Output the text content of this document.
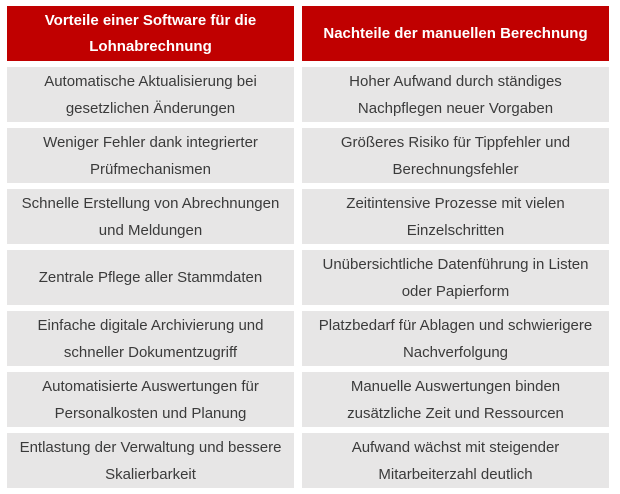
Vorteile einer Software für die Lohnabrechnung
Nachteile der manuellen Berechnung
Automatische Aktualisierung bei gesetzlichen Änderungen
Hoher Aufwand durch ständiges Nachpflegen neuer Vorgaben
Weniger Fehler dank integrierter Prüfmechanismen
Größeres Risiko für Tippfehler und Berechnungsfehler
Schnelle Erstellung von Abrechnungen und Meldungen
Zeitintensive Prozesse mit vielen Einzelschritten
Zentrale Pflege aller Stammdaten
Unübersichtliche Datenführung in Listen oder Papierform
Einfache digitale Archivierung und schneller Dokumentzugriff
Platzbedarf für Ablagen und schwierigere Nachverfolgung
Automatisierte Auswertungen für Personalkosten und Planung
Manuelle Auswertungen binden zusätzliche Zeit und Ressourcen
Entlastung der Verwaltung und bessere Skalierbarkeit
Aufwand wächst mit steigender Mitarbeiterzahl deutlich
